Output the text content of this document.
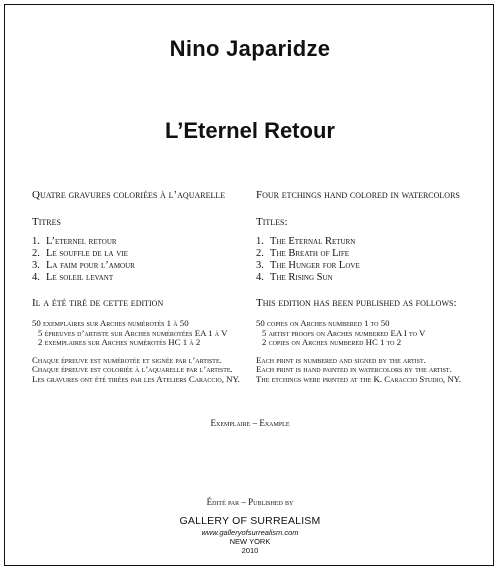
Nino Japaridze
L’Eternel Retour
Quatre gravures coloriées à l’aquarelle
Titres
1. L’eternel retour
2. Le souffle de la vie
3. La faim pour l’amour
4. Le soleil levant
Il a été tiré de cette edition
50 exemplaires sur Arches numérotés 1 à 50
5 épreuves d’artiste sur Arches numérotées EA 1 à V
2 exemplaires sur Arches numérotés HC 1 à 2
Chaque épreuve est numérotée et signée par l’artiste.
Chaque épreuve est coloriée à l’aquarelle par l’artiste.
Les gravures ont été tirées par les Ateliers Caraccio, NY.
Four etchings hand colored in watercolors
Titles:
1. The Eternal Return
2. The Breath of Life
3. The Hunger for Love
4. The Rising Sun
This edition has been published as follows:
50 copies on Arches numbered 1 to 50
5 artist proofs on Arches numbered EA I to V
2 copies on Arches numbered HC 1 to 2
Each print is numbered and signed by the artist.
Each print is hand painted in watercolors by the artist.
The etchings were printed at the K. Caraccio Studio, NY.
Exemplaire – Example
Édité par – Published by
GALLERY OF SURREALISM
www.galleryofsurrealism.com
NEW YORK
2010
